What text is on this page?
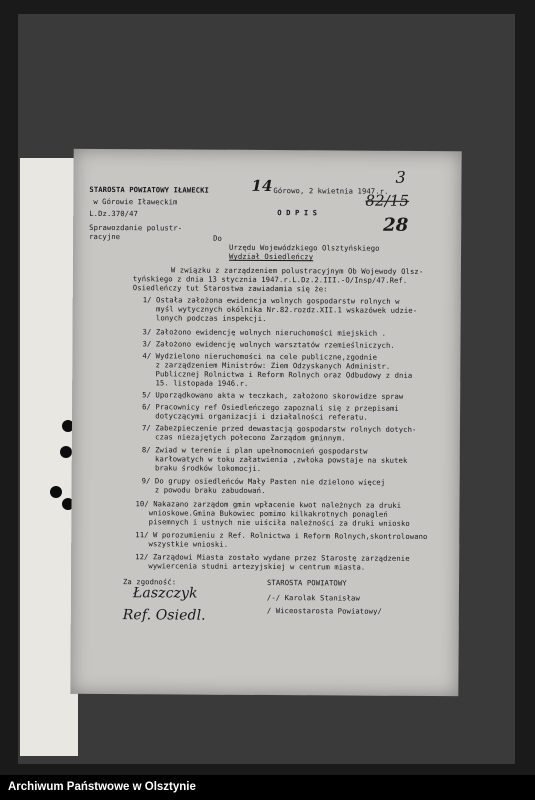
STAROSTA POWIATOWY IŁAWECKI
w Górowie Iławeckim
L.Dz.370/47
Sprawozdanie polustr-
racyjne
14 Górowo, 2 kwietnia 1947.r.
3
O D P I S
82/15
28
Do
Urzędu Wojewódzkiego Olsztyńskiego
Wydział Osiedleńczy
W związku z zarządzeniem polustracyjnym Ob Wojewody Olsz-
tyńskiego z dnia 13 stycznia 1947.r.L.Dz.2.III.-O/Insp/47.Ref.
Osiedleńczy tut Starostwa zawiadamia się że:
1/ Ostała założona ewidencja wolnych gospodarstw rolnych w
myśl wytycznych okólnika Nr.82.rozdz.XII.1 wskazówek udzie-
lonych podczas inspekcji.
3/ Założono ewidencję wolnych nieruchomości miejskich .
3/ Założono ewidencję wolnych warsztatów rzemieślniczych.
4/ Wydzielono nieruchomości na cele publiczne,zgodnie
z zarządzeniem Ministrów: Ziem Odzyskanych Administr.
Publicznej Rolnictwa i Reform Rolnych oraz Odbudowy z dnia
15. listopada 1946.r.
5/ Uporządkowano akta w teczkach, założono skorowidze spraw
6/ Pracownicy ref Osiedleńczego zapoznali się z przepisami
dotyczącymi organizacji i działalności referatu.
7/ Zabezpieczenie przed dewastacją gospodarstw rolnych dotych-
czas niezajętych połecono Zarządom gminnym.
8/ Zwiad w terenie i plan upełnomocnień gospodarstw
karłowatych w toku załatwienia ,zwłoka powstaje na skutek
braku środków lokomocji.
9/ Do grupy osiedleńców Mały Pasten nie dzielono więcej
z powodu braku zabudowań.
10/ Nakazano zarządom gmin wpłacenie kwot należnych za druki
wnioskowe.Gmina Bukowiec pomimo kilkakrotnych ponagleń
pisemnych i ustnych nie uiściła należności za druki wniosko
11/ W porozumieniu z Ref. Rolnictwa i Reform Rolnych,skontrolowano
wszystkie wnioski.
12/ Zarządowi Miasta zostało wydane przez Starostę zarządzenie
wywiercenia studni artezyjskiej w centrum miasta.
Za zgodność:	STAROSTA POWIATOWY
/-/ Karolak Stanisław
/ Wiceostarosta Powiatowy/
Łaszczyk
Ref. Osiedl.
Archiwum Państwowe w Olsztynie
